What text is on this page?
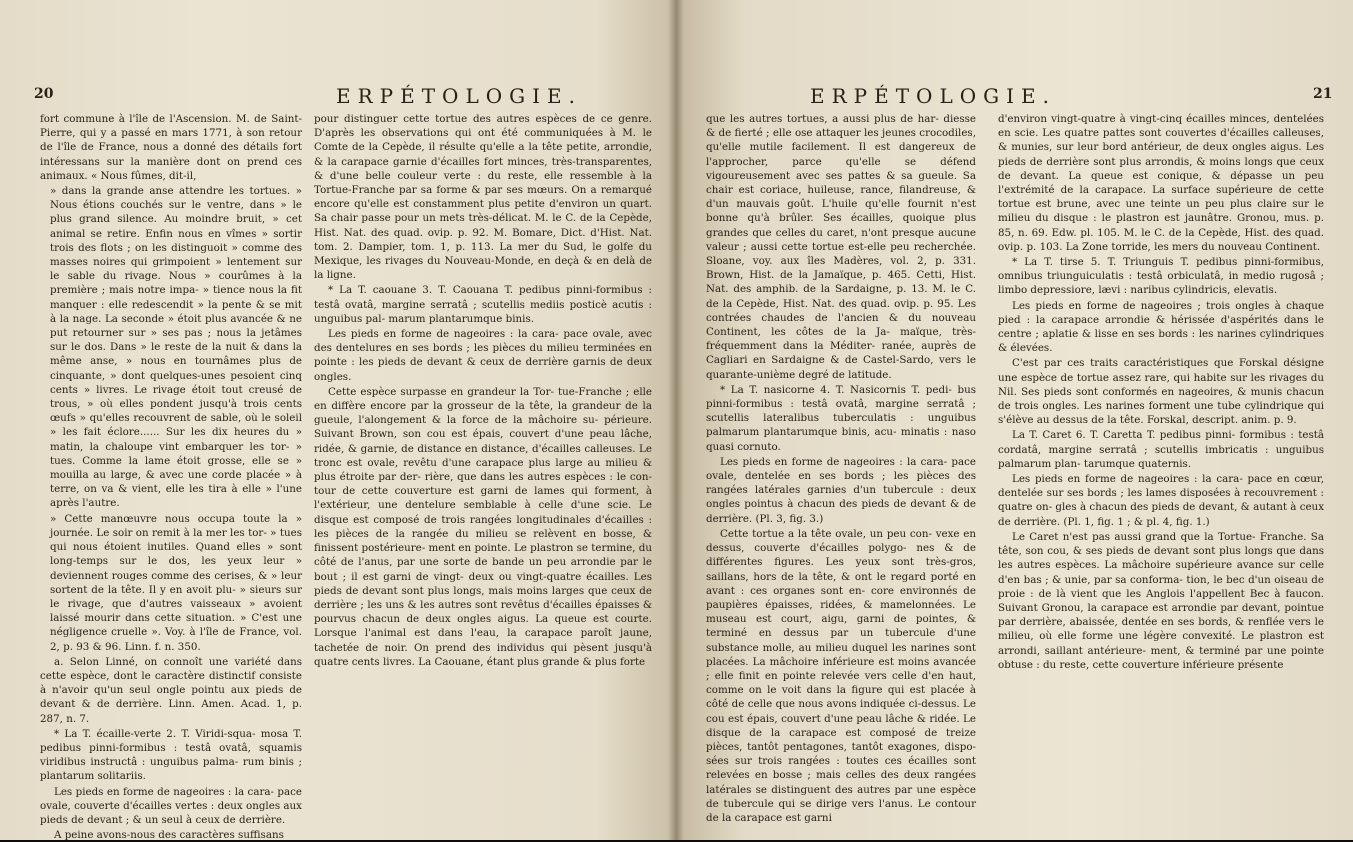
20	ERPÉTOLOGIE.

fort commune à l'île de l'Ascension. M. de Saint-Pierre, qui y a passé en mars 1771, à son retour de l'île de France, nous a donné des détails fort intéressans sur la manière dont on prend ces animaux. « Nous fûmes, dit-il,

» dans la grande anse attendre les tortues. » Nous étions couchés sur le ventre, dans » le plus grand silence. Au moindre bruit, » cet animal se retire. Enfin nous en vîmes » sortir trois des flots ; on les distinguoit » comme des masses noires qui grimpoient » lentement sur le sable du rivage. Nous » courûmes à la première ; mais notre impa- » tience nous la fit manquer : elle redescendit » la pente & se mit à la nage. La seconde » étoit plus avancée & ne put retourner sur » ses pas ; nous la jetâmes sur le dos. Dans » le reste de la nuit & dans la même anse, » nous en tournâmes plus de cinquante, » dont quelques-unes pesoient cinq cents » livres. Le rivage étoit tout creusé de trous, » où elles pondent jusqu'à trois cents œufs » qu'elles recouvrent de sable, où le soleil » les fait éclore...... Sur les dix heures du » matin, la chaloupe vint embarquer les tor- » tues. Comme la lame étoit grosse, elle se » mouilla au large, & avec une corde placée » à terre, on va & vient, elle les tira à elle » l'une après l'autre.

» Cette manœuvre nous occupa toute la » journée. Le soir on remit à la mer les tor- » tues qui nous étoient inutiles. Quand elles » sont long-temps sur le dos, les yeux leur » deviennent rouges comme des cerises, & » leur sortent de la tête. Il y en avoit plu- » sieurs sur le rivage, que d'autres vaisseaux » avoient laissé mourir dans cette situation. » C'est une négligence cruelle ». Voy. à l'île de France, vol. 2, p. 93 & 96. Linn. f. n. 350.

a. Selon Linné, on connoît une variété dans cette espèce, dont le caractère distinctif consiste à n'avoir qu'un seul ongle pointu aux pieds de devant & de derrière. Linn. Amen. Acad. 1, p. 287, n. 7.

* La T. écaille-verte 2. T. Viridi-squa- mosa T. pedibus pinni-formibus : testâ ovatâ, squamis viridibus instructâ : unguibus palma- rum binis ; plantarum solitariis.

Les pieds en forme de nageoires : la cara- pace ovale, couverte d'écailles vertes : deux ongles aux pieds de devant ; & un seul à ceux de derrière.

A peine avons-nous des caractères suffisans

pour distinguer cette tortue des autres espèces de ce genre. D'après les observations qui ont été communiquées à M. le Comte de la Cepède, il résulte qu'elle a la tête petite, arrondie, & la carapace garnie d'écailles fort minces, très-transparentes, & d'une belle couleur verte : du reste, elle ressemble à la Tortue-Franche par sa forme & par ses mœurs. On a remarqué encore qu'elle est constamment plus petite d'environ un quart. Sa chair passe pour un mets très-délicat. M. le C. de la Cepède, Hist. Nat. des quad. ovip. p. 92. M. Bomare, Dict. d'Hist. Nat. tom. 2. Dampier, tom. 1, p. 113. La mer du Sud, le golfe du Mexique, les rivages du Nouveau-Monde, en deçà & en delà de la ligne.

* La T. caouane 3. T. Caouana T. pedibus pinni-formibus : testâ ovatâ, margine serratâ ; scutellis mediis posticè acutis : unguibus pal- marum plantarumque binis.

Les pieds en forme de nageoires : la cara- pace ovale, avec des dentelures en ses bords ; les pièces du milieu terminées en pointe : les pieds de devant & ceux de derrière garnis de deux ongles.

Cette espèce surpasse en grandeur la Tor- tue-Franche ; elle en diffère encore par la grosseur de la tête, la grandeur de la gueule, l'alongement & la force de la mâchoire su- périeure. Suivant Brown, son cou est épais, couvert d'une peau lâche, ridée, & garnie, de distance en distance, d'écailles calleuses. Le tronc est ovale, revêtu d'une carapace plus large au milieu & plus étroite par der- rière, que dans les autres espèces : le con- tour de cette couverture est garni de lames qui forment, à l'extérieur, une dentelure semblable à celle d'une scie. Le disque est composé de trois rangées longitudinales d'écailles : les pièces de la rangée du milieu se relèvent en bosse, & finissent postérieure- ment en pointe. Le plastron se termine, du côté de l'anus, par une sorte de bande un peu arrondie par le bout ; il est garni de vingt- deux ou vingt-quatre écailles. Les pieds de devant sont plus longs, mais moins larges que ceux de derrière ; les uns & les autres sont revêtus d'écailles épaisses & pourvus chacun de deux ongles aigus. La queue est courte. Lorsque l'animal est dans l'eau, la carapace paroît jaune, tachetée de noir. On prend des individus qui pèsent jusqu'à quatre cents livres. La Caouane, étant plus grande & plus forte

ERPÉTOLOGIE.	21

que les autres tortues, a aussi plus de har- diesse & de fierté ; elle ose attaquer les jeunes crocodiles, qu'elle mutile facilement. Il est dangereux de l'approcher, parce qu'elle se défend vigoureusement avec ses pattes & sa gueule. Sa chair est coriace, huileuse, rance, filandreuse, & d'un mauvais goût. L'huile qu'elle fournit n'est bonne qu'à brûler. Ses écailles, quoique plus grandes que celles du caret, n'ont presque aucune valeur ; aussi cette tortue est-elle peu recherchée. Sloane, voy. aux îles Madères, vol. 2, p. 331. Brown, Hist. de la Jamaïque, p. 465. Cetti, Hist. Nat. des amphib. de la Sardaigne, p. 13. M. le C. de la Cepède, Hist. Nat. des quad. ovip. p. 95. Les contrées chaudes de l'ancien & du nouveau Continent, les côtes de la Ja- maïque, très-fréquemment dans la Méditer- ranée, auprès de Cagliari en Sardaigne & de Castel-Sardo, vers le quarante-unième degré de latitude.

* La T. nasicorne 4. T. Nasicornis T. pedi- bus pinni-formibus : testâ ovatâ, margine serratâ ; scutellis lateralibus tuberculatis : unguibus palmarum plantarumque binis, acu- minatis : naso quasi cornuto.

Les pieds en forme de nageoires : la cara- pace ovale, dentelée en ses bords ; les pièces des rangées latérales garnies d'un tubercule : deux ongles pointus à chacun des pieds de devant & de derrière. (Pl. 3, fig. 3.)

Cette tortue a la tête ovale, un peu con- vexe en dessus, couverte d'écailles polygo- nes & de différentes figures. Les yeux sont très-gros, saillans, hors de la tête, & ont le regard porté en avant : ces organes sont en- core environnés de paupières épaisses, ridées, & mamelonnées. Le museau est court, aigu, garni de pointes, & terminé en dessus par un tubercule d'une substance molle, au milieu duquel les narines sont placées. La mâchoire inférieure est moins avancée ; elle finit en pointe relevée vers celle d'en haut, comme on le voit dans la figure qui est placée à côté de celle que nous avons indiquée ci-dessus. Le cou est épais, couvert d'une peau lâche & ridée. Le disque de la carapace est composé de treize pièces, tantôt pentagones, tantôt exagones, dispo- sées sur trois rangées : toutes ces écailles sont relevées en bosse ; mais celles des deux rangées latérales se distinguent des autres par une espèce de tubercule qui se dirige vers l'anus. Le contour de la carapace est garni

d'environ vingt-quatre à vingt-cinq écailles minces, dentelées en scie. Les quatre pattes sont couvertes d'écailles calleuses, & munies, sur leur bord antérieur, de deux ongles aigus. Les pieds de derrière sont plus arrondis, & moins longs que ceux de devant. La queue est conique, & dépasse un peu l'extrémité de la carapace. La surface supérieure de cette tortue est brune, avec une teinte un peu plus claire sur le milieu du disque : le plastron est jaunâtre. Gronou, mus. p. 85, n. 69. Edw. pl. 105. M. le C. de la Cepède, Hist. des quad. ovip. p. 103. La Zone torride, les mers du nouveau Continent.

* La T. tirse 5. T. Triunguis T. pedibus pinni-formibus, omnibus triunguiculatis : testâ orbiculatâ, in medio rugosâ ; limbo depressiore, lævi : naribus cylindricis, elevatis.

Les pieds en forme de nageoires ; trois ongles à chaque pied : la carapace arrondie & hérissée d'aspérités dans le centre ; aplatie & lisse en ses bords : les narines cylindriques & élevées.

C'est par ces traits caractéristiques que Forskal désigne une espèce de tortue assez rare, qui habite sur les rivages du Nil. Ses pieds sont conformés en nageoires, & munis chacun de trois ongles. Les narines forment une tube cylindrique qui s'élève au dessus de la tête. Forskal, descript. anim. p. 9.

La T. Caret 6. T. Caretta T. pedibus pinni- formibus : testâ cordatâ, margine serratâ ; scutellis imbricatis : unguibus palmarum plan- tarumque quaternis.

Les pieds en forme de nageoires : la cara- pace en cœur, dentelée sur ses bords ; les lames disposées à recouvrement : quatre on- gles à chacun des pieds de devant, & autant à ceux de derrière. (Pl. 1, fig. 1 ; & pl. 4, fig. 1.)

Le Caret n'est pas aussi grand que la Tortue- Franche. Sa tête, son cou, & ses pieds de devant sont plus longs que dans les autres espèces. La mâchoire supérieure avance sur celle d'en bas ; & unie, par sa conforma- tion, le bec d'un oiseau de proie : de là vient que les Anglois l'appellent Bec à faucon. Suivant Gronou, la carapace est arrondie par devant, pointue par derrière, abaissée, dentée en ses bords, & renflée vers le milieu, où elle forme une légère convexité. Le plastron est arrondi, saillant antérieure- ment, & terminé par une pointe obtuse : du reste, cette couverture inférieure présente
